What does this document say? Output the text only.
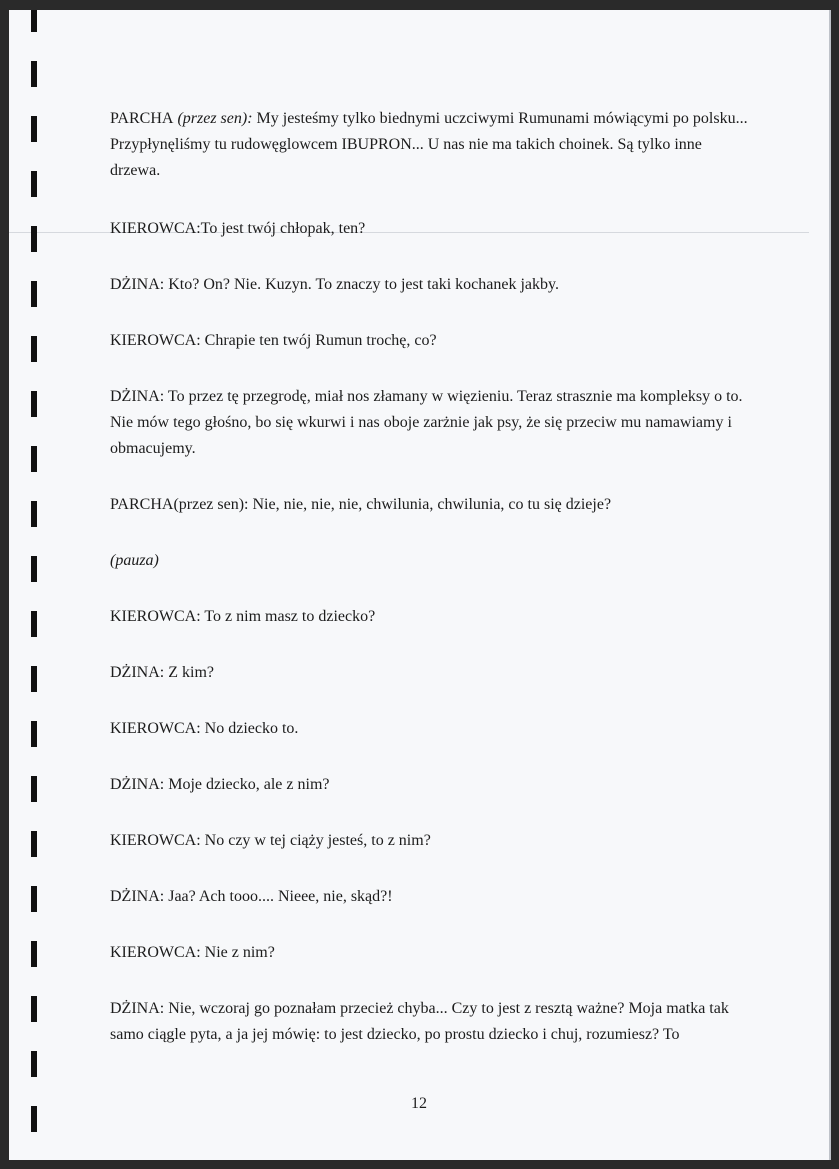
PARCHA (przez sen): My jesteśmy tylko biednymi uczciwymi Rumunami mówiącymi po polsku... Przypłynęliśmy tu rudowęglowcem IBUPRON... U nas nie ma takich choinek. Są tylko inne drzewa.

KIEROWCA:To jest twój chłopak, ten?

DŻINA: Kto? On? Nie. Kuzyn. To znaczy to jest taki kochanek jakby.

KIEROWCA: Chrapie ten twój Rumun trochę, co?

DŻINA: To przez tę przegrodę, miał nos złamany w więzieniu. Teraz strasznie ma kompleksy o to. Nie mów tego głośno, bo się wkurwi i nas oboje zarżnie jak psy, że się przeciw mu namawiamy i obmacujemy.

PARCHA(przez sen): Nie, nie, nie, nie, chwilunia, chwilunia, co tu się dzieje?

(pauza)

KIEROWCA: To z nim masz to dziecko?

DŻINA: Z kim?

KIEROWCA: No dziecko to.

DŻINA: Moje dziecko, ale z nim?

KIEROWCA: No czy w tej ciąży jesteś, to z nim?

DŻINA: Jaa? Ach tooo.... Nieee, nie, skąd?!

KIEROWCA: Nie z nim?

DŻINA: Nie, wczoraj go poznałam przecież chyba... Czy to jest z resztą ważne? Moja matka tak samo ciągle pyta, a ja jej mówię: to jest dziecko, po prostu dziecko i chuj, rozumiesz? To

12
